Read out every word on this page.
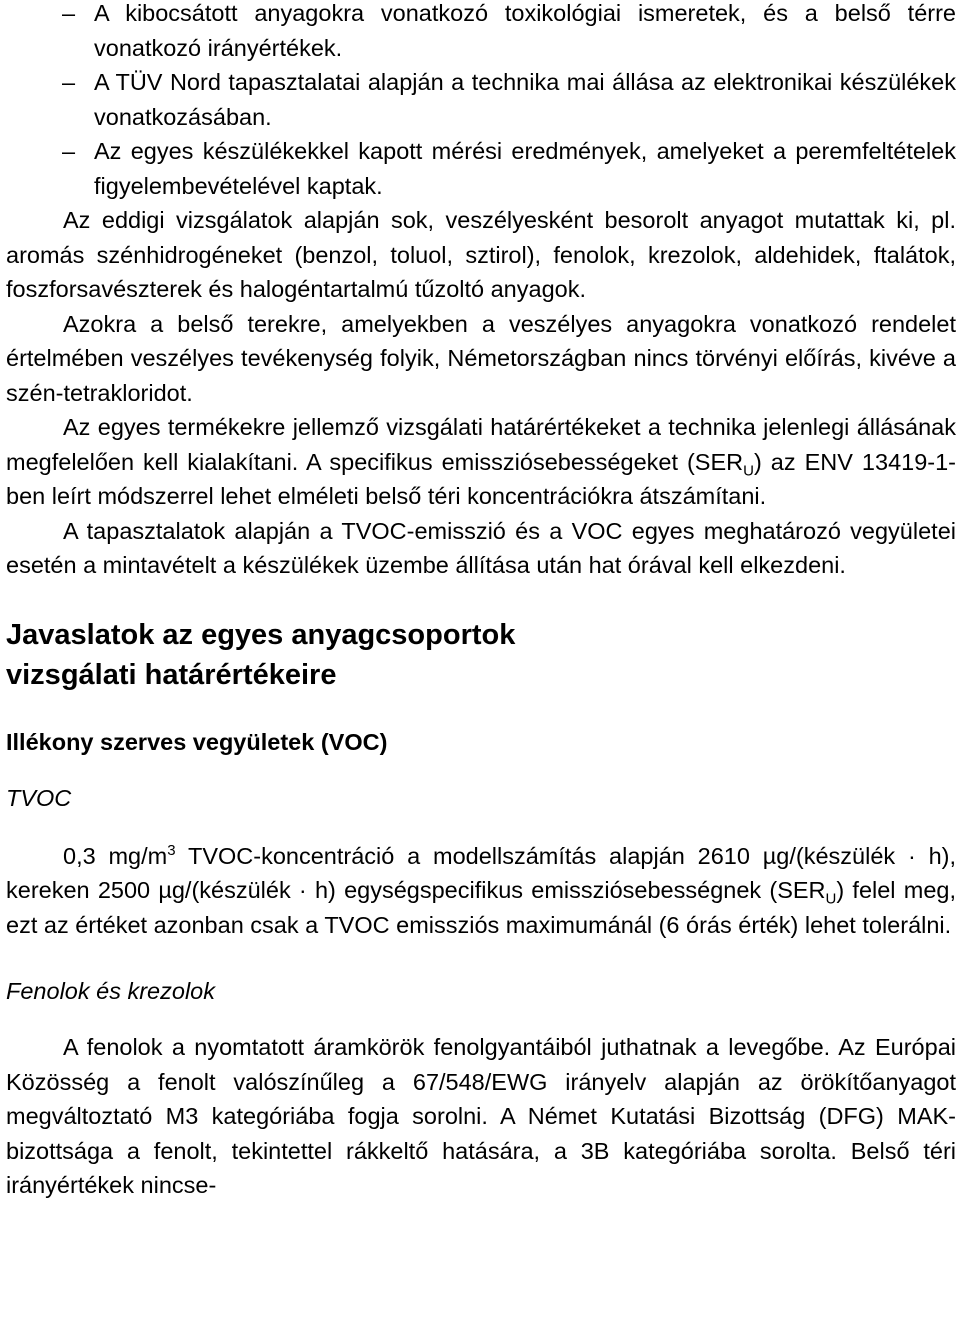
– A kibocsátott anyagokra vonatkozó toxikológiai ismeretek, és a belső térre vonatkozó irányértékek.
– A TÜV Nord tapasztalatai alapján a technika mai állása az elektronikai készülékek vonatkozásában.
– Az egyes készülékekkel kapott mérési eredmények, amelyeket a peremfeltételek figyelembevételével kaptak.

Az eddigi vizsgálatok alapján sok, veszélyesként besorolt anyagot mutattak ki, pl. aromás szénhidrogéneket (benzol, toluol, sztirol), fenolok, krezolok, aldehidek, ftalátok, foszforsavészterek és halogéntartalmú tűzoltó anyagok.

Azokra a belső terekre, amelyekben a veszélyes anyagokra vonatkozó rendelet értelmében veszélyes tevékenység folyik, Németországban nincs törvényi előírás, kivéve a szén-tetrakloridot.

Az egyes termékekre jellemző vizsgálati határértékeket a technika jelenlegi állásának megfelelően kell kialakítani. A specifikus emissziósebességeket $(SER_U)$ az ENV 13419-1-ben leírt módszerrel lehet elméleti belső téri koncentrációkra átszámítani.

A tapasztalatok alapján a TVOC-emisszió és a VOC egyes meghatározó vegyületei esetén a mintavételt a készülékek üzembe állítása után hat órával kell elkezdeni.

Javaslatok az egyes anyagcsoportok
vizsgálati határértékeire
Illékony szerves vegyületek (VOC)

TVOC

0,3 $mg/m^3$ TVOC-koncentráció a modellszámítás alapján 2610 µg/(készülék · h), kereken 2500 µg/(készülék · h) egységspecifikus emissziósebességnek $(SER_U)$ felel meg, ezt az értéket azonban csak a TVOC emissziós maximumánál (6 órás érték) lehet tolerálni.

Fenolok és krezolok

A fenolok a nyomtatott áramkörök fenolgyantáiból juthatnak a levegőbe. Az Európai Közösség a fenolt valószínűleg a 67/548/EWG irányelv alapján az örökítőanyagot megváltoztató M3 kategóriába fogja sorolni. A Német Kutatási Bizottság (DFG) MAK-bizottsága a fenolt, tekintettel rákkeltő hatására, a 3B kategóriába sorolta. Belső téri irányértékek nincse-
